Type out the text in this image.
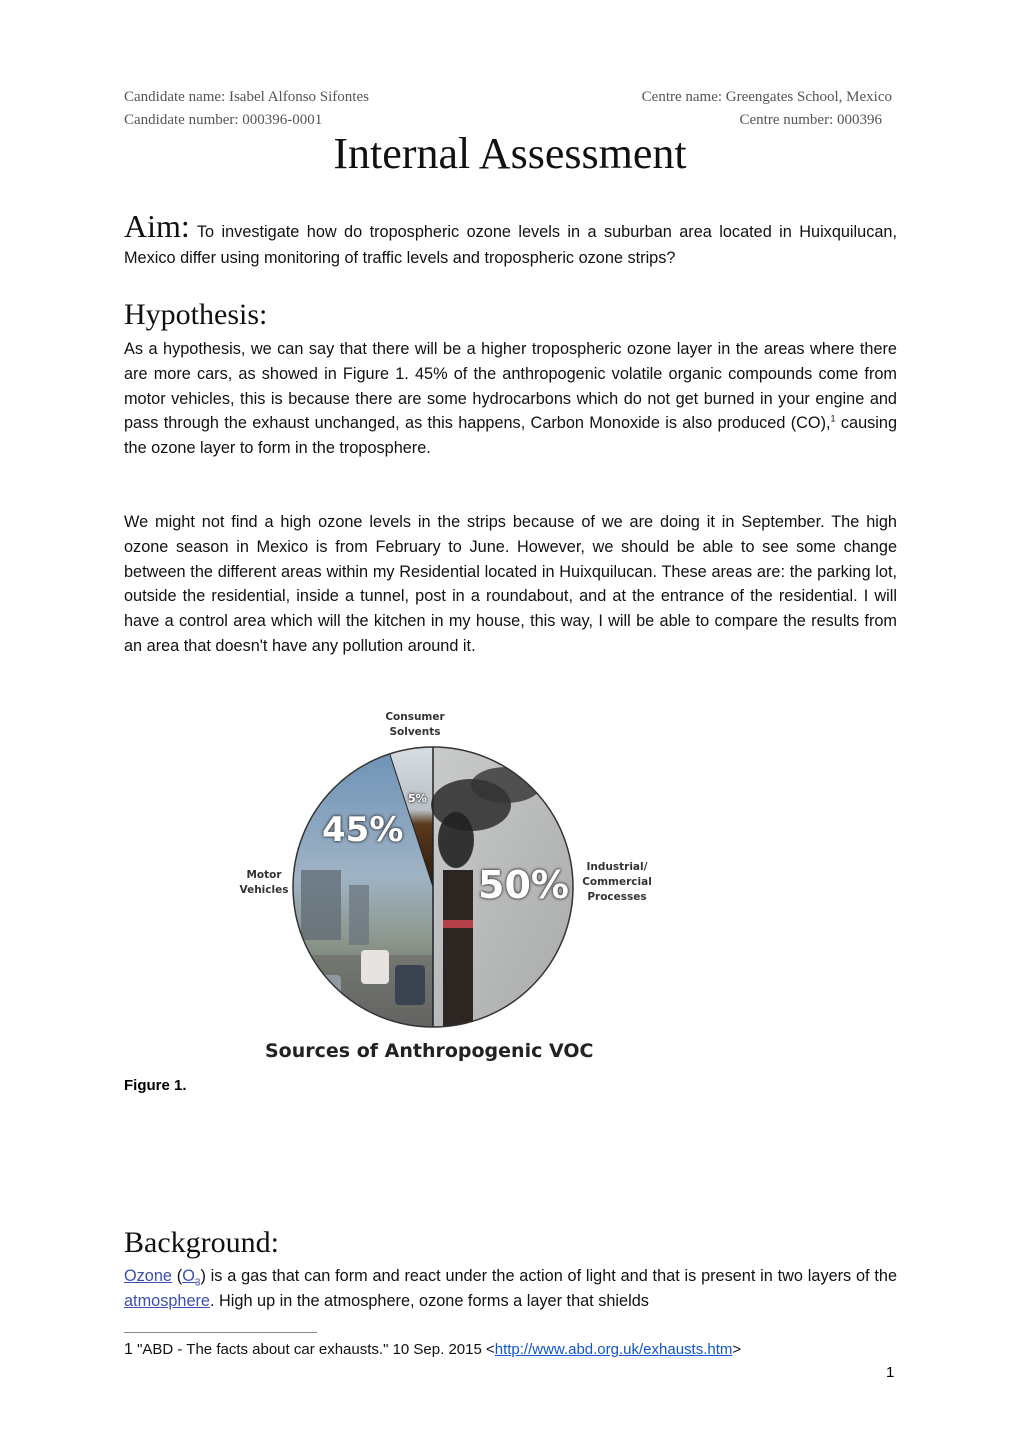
Candidate name: Isabel Alfonso Sifontes	Centre name: Greengates School, Mexico
Candidate number: 000396-0001	Centre number: 000396
Internal Assessment
Aim: To investigate how do tropospheric ozone levels in a suburban area located in Huixquilucan, Mexico differ using monitoring of traffic levels and tropospheric ozone strips?
Hypothesis:
As a hypothesis, we can say that there will be a higher tropospheric ozone layer in the areas where there are more cars, as showed in Figure 1. 45% of the anthropogenic volatile organic compounds come from motor vehicles, this is because there are some hydrocarbons which do not get burned in your engine and pass through the exhaust unchanged, as this happens, Carbon Monoxide is also produced (CO),$^1$ causing the ozone layer to form in the troposphere.
We might not find a high ozone levels in the strips because of we are doing it in September. The high ozone season in Mexico is from February to June. However, we should be able to see some change between the different areas within my Residential located in Huixquilucan. These areas are: the parking lot, outside the residential, inside a tunnel, post in a roundabout, and at the entrance of the residential. I will have a control area which will the kitchen in my house, this way, I will be able to compare the results from an area that doesn't have any pollution around it.
Consumer
Solvents
Motor
Vehicles
Industrial/
Commercial
Processes
45%
5%
50%
Sources of Anthropogenic VOC
Figure 1.
Background:
Ozone $(O_3)$ is a gas that can form and react under the action of light and that is present in two layers of the atmosphere. High up in the atmosphere, ozone forms a layer that shields
1 "ABD - The facts about car exhausts." 10 Sep. 2015 <http://www.abd.org.uk/exhausts.htm>
1
